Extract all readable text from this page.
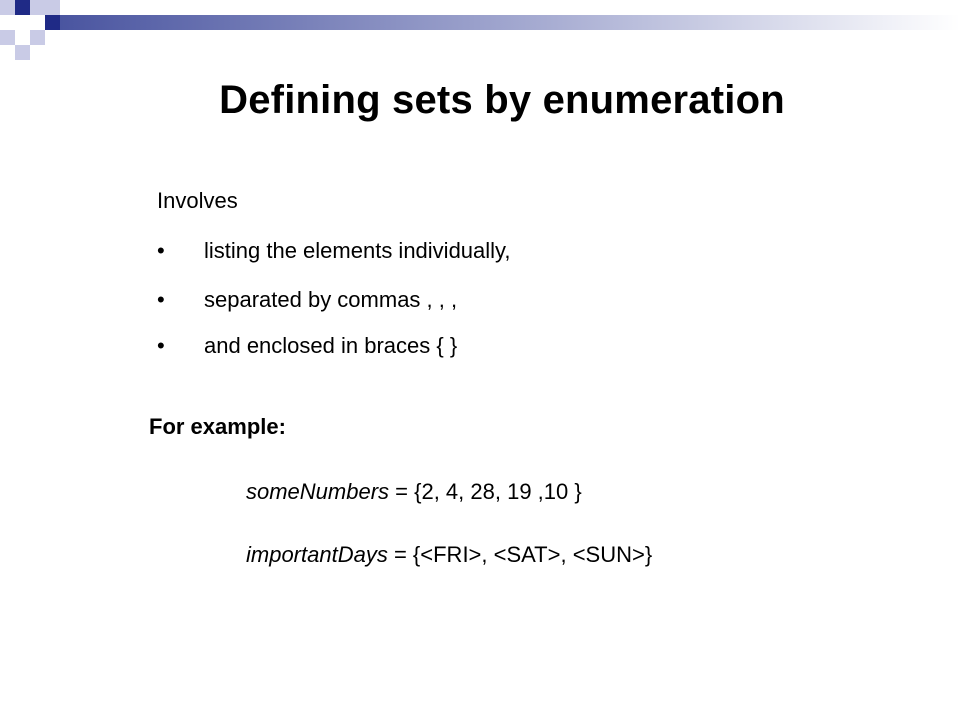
Defining sets by enumeration
Involves
• listing the elements individually,
• separated by commas , , ,
• and enclosed in braces { }
For example:
someNumbers = {2, 4, 28, 19 ,10 }
importantDays = {<FRI>, <SAT>, <SUN>}
